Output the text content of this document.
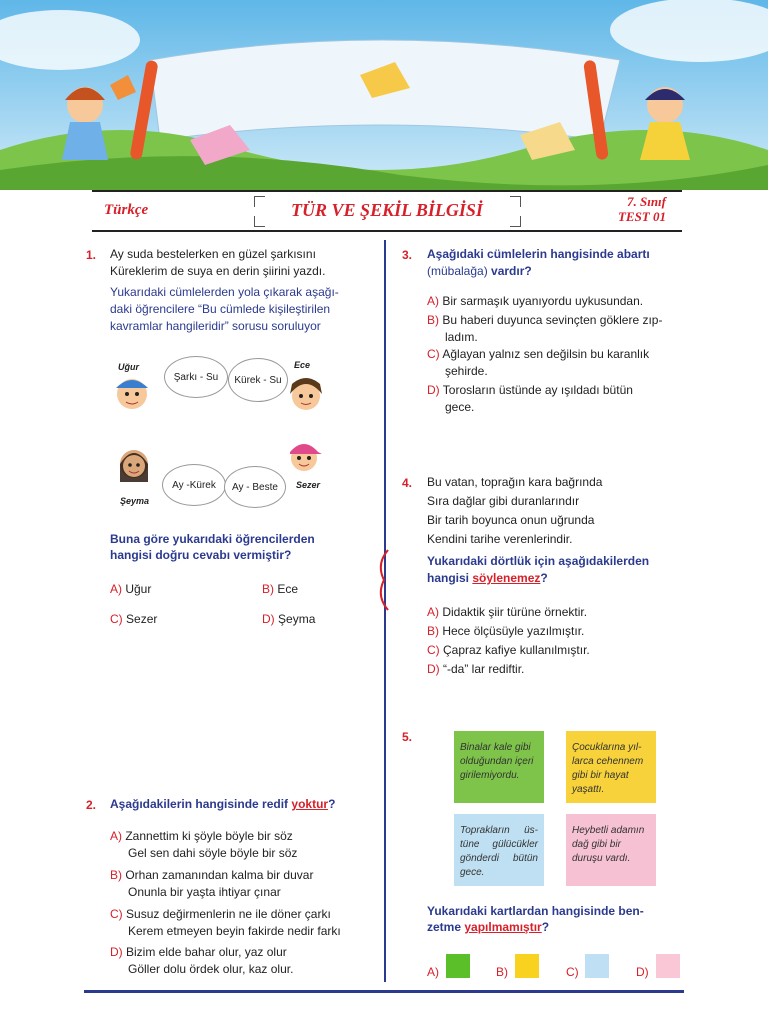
Türkçe	TÜR VE ŞEKİL BİLGİSİ	7. Sınıf
TEST 01
1. Ay suda bestelerken en güzel şarkısını
Küreklerim de suya en derin şiirini yazdı.
Yukarıdaki cümlelerden yola çıkarak aşağı-
daki öğrencilere “Bu cümlede kişileştirilen
kavramlar hangileridir” sorusu soruluyor
Uğur
Şarkı - Su
Ece
Kürek - Su
Şeyma
Ay -Kürek	Sezer
Ay - Beste
Buna göre yukarıdaki öğrencilerden
hangisi doğru cevabı vermiştir?
A) Uğur	B) Ece
C) Sezer	D) Şeyma
2. Aşağıdakilerin hangisinde redif yoktur?
A) Zannettim ki şöyle böyle bir söz
Gel sen dahi söyle böyle bir söz
B) Orhan zamanından kalma bir duvar
Onunla bir yaşta ihtiyar çınar
C) Susuz değirmenlerin ne ile döner çarkı
Kerem etmeyen beyin fakirde nedir farkı
D) Bizim elde bahar olur, yaz olur
Göller dolu ördek olur, kaz olur.
3. Aşağıdaki cümlelerin hangisinde abartı
(mübalağa) vardır?
A) Bir sarmaşık uyanıyordu uykusundan.
B) Bu haberi duyunca sevinçten göklere zıp-
ladım.
C) Ağlayan yalnız sen değilsin bu karanlık
şehirde.
D) Torosların üstünde ay ışıldadı bütün
gece.
4. Bu vatan, toprağın kara bağrında
Sıra dağlar gibi duranlarındır
Bir tarih boyunca onun uğrunda
Kendini tarihe verenlerindir.
Yukarıdaki dörtlük için aşağıdakilerden
hangisi söylenemez?
A) Didaktik şiir türüne örnektir.
B) Hece ölçüsüyle yazılmıştır.
C) Çapraz kafiye kullanılmıştır.
D) “-da” lar rediftir.
5.
Binalar kale gibi olduğundan içeri girilemiyordu.
Çocuklarına yıl-larca cehennem gibi bir hayat yaşattı.
Toprakların üs-tüne gülücükler gönderdi bütün gece.
Heybetli adamın dağ gibi bir duruşu vardı.
Yukarıdaki kartlardan hangisinde ben-
zetme yapılmamıştır?
A)	B)	C)	D)
